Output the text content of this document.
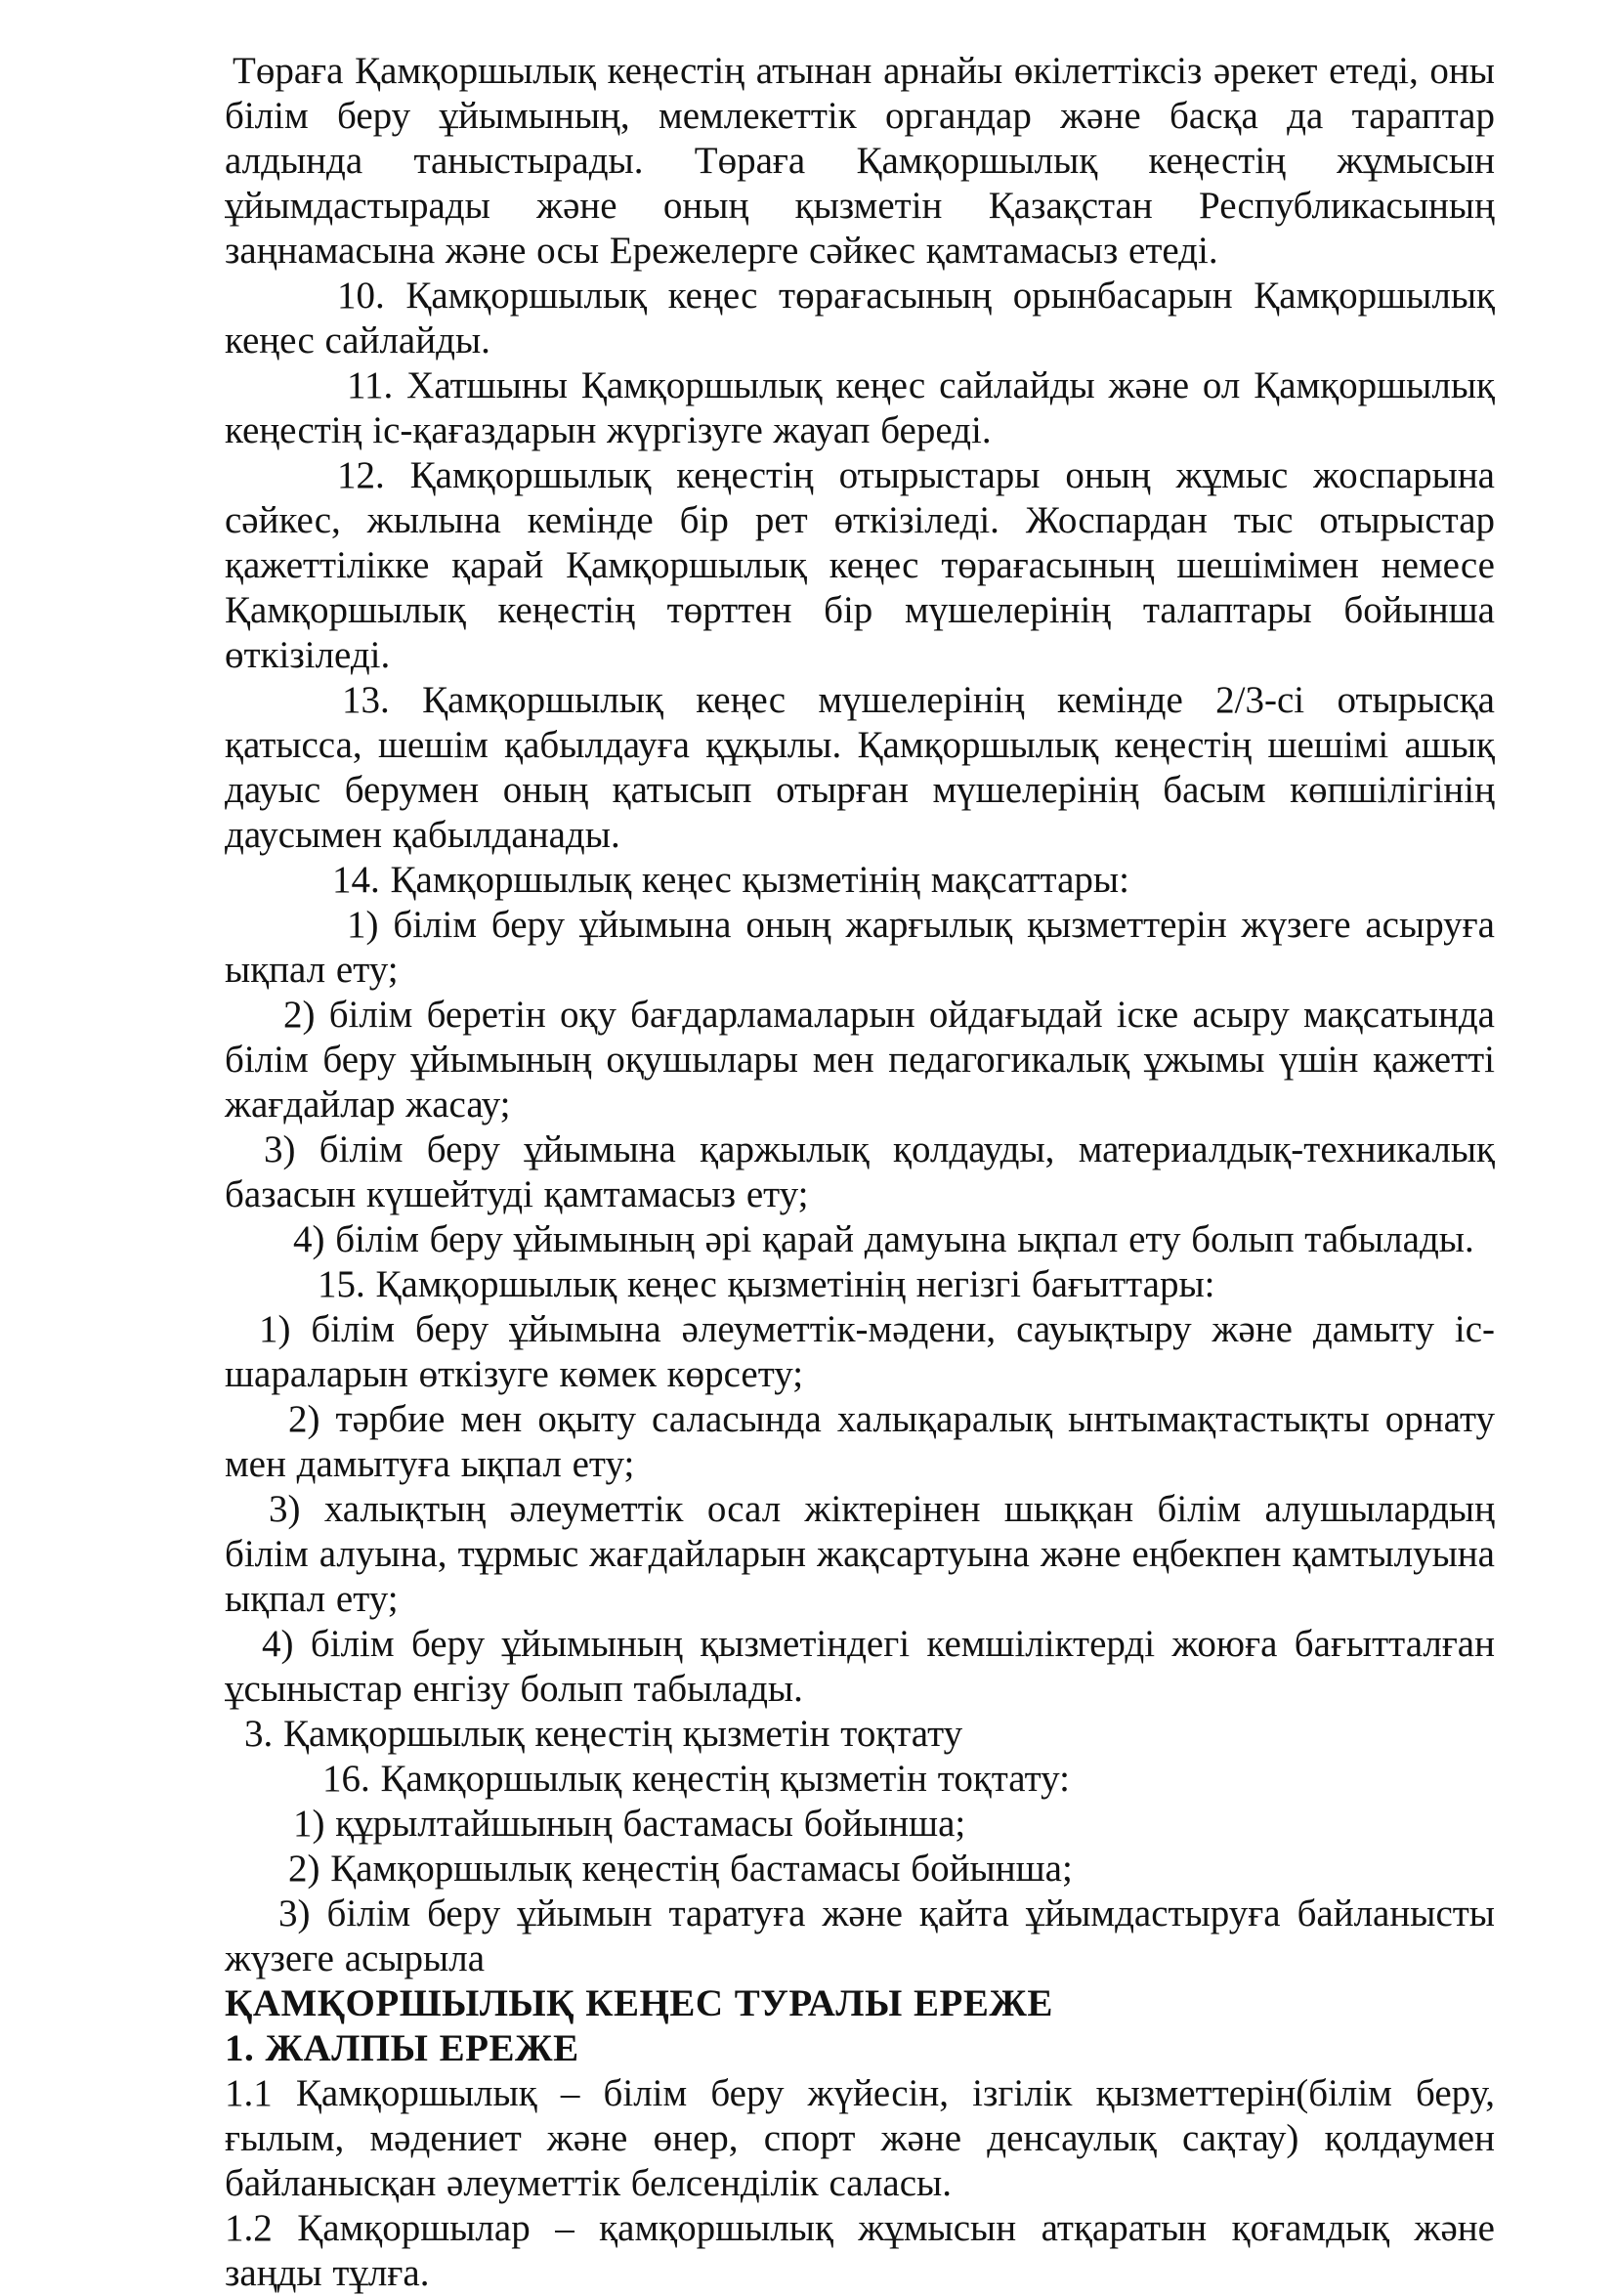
Төраға Қамқоршылық кеңестің атынан арнайы өкілеттіксіз әрекет етеді, оны білім беру ұйымының, мемлекеттік органдар және басқа да тараптар алдында таныстырады. Төраға Қамқоршылық кеңестің жұмысын ұйымдастырады және оның қызметін Қазақстан Республикасының заңнамасына және осы Ережелерге сәйкес қамтамасыз етеді.

10. Қамқоршылық кеңес төрағасының орынбасарын Қамқоршылық кеңес сайлайды.

11. Хатшыны Қамқоршылық кеңес сайлайды және ол Қамқоршылық кеңестің іс-қағаздарын жүргізуге жауап береді.

12. Қамқоршылық кеңестің отырыстары оның жұмыс жоспарына сәйкес, жылына кемінде бір рет өткізіледі. Жоспардан тыс отырыстар қажеттілікке қарай Қамқоршылық кеңес төрағасының шешімімен немесе Қамқоршылық кеңестің төрттен бір мүшелерінің талаптары бойынша өткізіледі.

13. Қамқоршылық кеңес мүшелерінің кемінде 2/3-сі отырысқа қатысса, шешім қабылдауға құқылы. Қамқоршылық кеңестің шешімі ашық дауыс берумен оның қатысып отырған мүшелерінің басым көпшілігінің даусымен қабылданады.

14. Қамқоршылық кеңес қызметінің мақсаттары:

1) білім беру ұйымына оның жарғылық қызметтерін жүзеге асыруға ықпал ету;

2) білім беретін оқу бағдарламаларын ойдағыдай іске асыру мақсатында білім беру ұйымының оқушылары мен педагогикалық ұжымы үшін қажетті жағдайлар жасау;

3) білім беру ұйымына қаржылық қолдауды, материалдық-техникалық базасын күшейтуді қамтамасыз ету;

4) білім беру ұйымының әрі қарай дамуына ықпал ету болып табылады.

15. Қамқоршылық кеңес қызметінің негізгі бағыттары:

1) білім беру ұйымына әлеуметтік-мәдени, сауықтыру және дамыту іс-шараларын өткізуге көмек көрсету;

2) тәрбие мен оқыту саласында халықаралық ынтымақтастықты орнату мен дамытуға ықпал ету;

3) халықтың әлеуметтік осал жіктерінен шыққан білім алушылардың білім алуына, тұрмыс жағдайларын жақсартуына және еңбекпен қамтылуына ықпал ету;

4) білім беру ұйымының қызметіндегі кемшіліктерді жоюға бағытталған ұсыныстар енгізу болып табылады.

3. Қамқоршылық кеңестің қызметін тоқтату

16. Қамқоршылық кеңестің қызметін тоқтату:

1) құрылтайшының бастамасы бойынша;

2) Қамқоршылық кеңестің бастамасы бойынша;

3) білім беру ұйымын таратуға және қайта ұйымдастыруға байланысты жүзеге асырыла

ҚАМҚОРШЫЛЫҚ КЕҢЕС ТУРАЛЫ ЕРЕЖЕ

1. ЖАЛПЫ ЕРЕЖЕ

1.1 Қамқоршылық – білім беру жүйесін, ізгілік қызметтерін(білім беру, ғылым, мәдениет және өнер, спорт және денсаулық сақтау) қолдаумен байланысқан әлеуметтік белсенділік саласы.

1.2 Қамқоршылар – қамқоршылық жұмысын атқаратын қоғамдық және заңды тұлға.
